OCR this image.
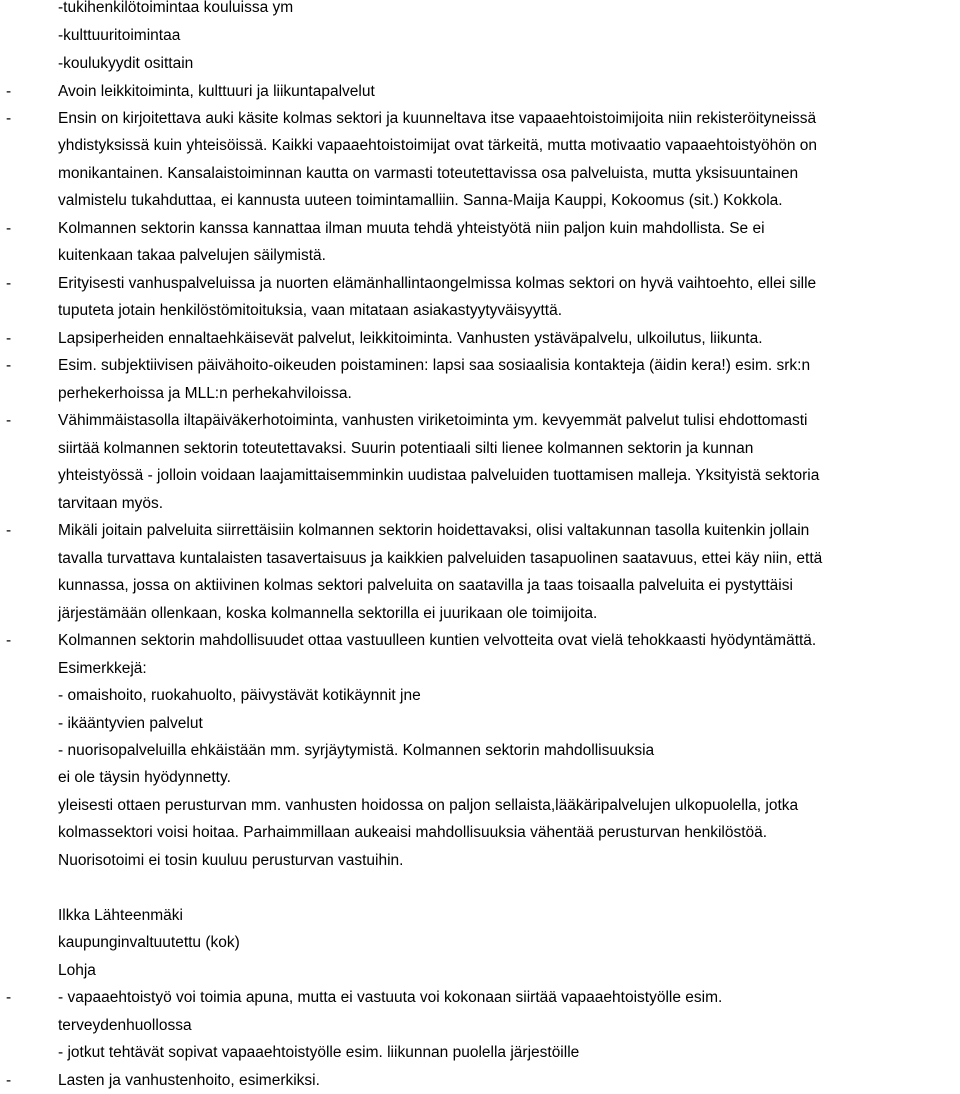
-tukihenkilötoimintaa kouluissa ym
-kulttuuritoimintaa
-koulukyydit osittain
-	Avoin leikkitoiminta, kulttuuri ja liikuntapalvelut
-	Ensin on kirjoitettava auki käsite kolmas sektori ja kuunneltava itse vapaaehtoistoimijoita niin rekisteröityneissä
yhdistyksissä kuin yhteisöissä. Kaikki vapaaehtoistoimijat ovat tärkeitä, mutta motivaatio vapaaehtoistyöhön on
monikantainen. Kansalaistoiminnan kautta on varmasti toteutettavissa osa palveluista, mutta yksisuuntainen
valmistelu tukahduttaa, ei kannusta uuteen toimintamalliin. Sanna-Maija Kauppi, Kokoomus (sit.) Kokkola.
-	Kolmannen sektorin kanssa kannattaa ilman muuta tehdä yhteistyötä niin paljon kuin mahdollista. Se ei
kuitenkaan takaa palvelujen säilymistä.
-	Erityisesti vanhuspalveluissa ja nuorten elämänhallintaongelmissa kolmas sektori on hyvä vaihtoehto, ellei sille
tuputeta jotain henkilöstömitoituksia, vaan mitataan asiakastyytyväisyyttä.
-	Lapsiperheiden ennaltaehkäisevät palvelut, leikkitoiminta. Vanhusten ystäväpalvelu, ulkoilutus, liikunta.
-	Esim. subjektiivisen päivähoito-oikeuden poistaminen: lapsi saa sosiaalisia kontakteja (äidin kera!) esim. srk:n
perhekerhoissa ja MLL:n perhekahviloissa.
-	Vähimmäistasolla iltapäiväkerhotoiminta, vanhusten viriketoiminta ym. kevyemmät palvelut tulisi ehdottomasti
siirtää kolmannen sektorin toteutettavaksi. Suurin potentiaali silti lienee kolmannen sektorin ja kunnan
yhteistyössä - jolloin voidaan laajamittaisemminkin uudistaa palveluiden tuottamisen malleja. Yksityistä sektoria
tarvitaan myös.
-	Mikäli joitain palveluita siirrettäisiin kolmannen sektorin hoidettavaksi, olisi valtakunnan tasolla kuitenkin jollain
tavalla turvattava kuntalaisten tasavertaisuus ja kaikkien palveluiden tasapuolinen saatavuus, ettei käy niin, että
kunnassa, jossa on aktiivinen kolmas sektori palveluita on saatavilla ja taas toisaalla palveluita ei pystyttäisi
järjestämään ollenkaan, koska kolmannella sektorilla ei juurikaan ole toimijoita.
-	Kolmannen sektorin mahdollisuudet ottaa vastuulleen kuntien velvotteita ovat vielä tehokkaasti hyödyntämättä.
Esimerkkejä:
- omaishoito, ruokahuolto, päivystävät kotikäynnit jne
- ikääntyvien palvelut
- nuorisopalveluilla ehkäistään mm. syrjäytymistä. Kolmannen sektorin mahdollisuuksia
ei ole täysin hyödynnetty.
yleisesti ottaen perusturvan mm. vanhusten hoidossa on paljon sellaista,lääkäripalvelujen ulkopuolella, jotka
kolmassektori voisi hoitaa. Parhaimmillaan aukeaisi mahdollisuuksia vähentää perusturvan henkilöstöä.
Nuorisotoimi ei tosin kuuluu perusturvan vastuihin.
Ilkka Lähteenmäki
kaupunginvaltuutettu (kok)
Lohja
-	- vapaaehtoistyö voi toimia apuna, mutta ei vastuuta voi kokonaan siirtää vapaaehtoistyölle esim.
terveydenhuollossa
- jotkut tehtävät sopivat vapaaehtoistyölle esim. liikunnan puolella järjestöille
-	Lasten ja vanhustenhoito, esimerkiksi.
